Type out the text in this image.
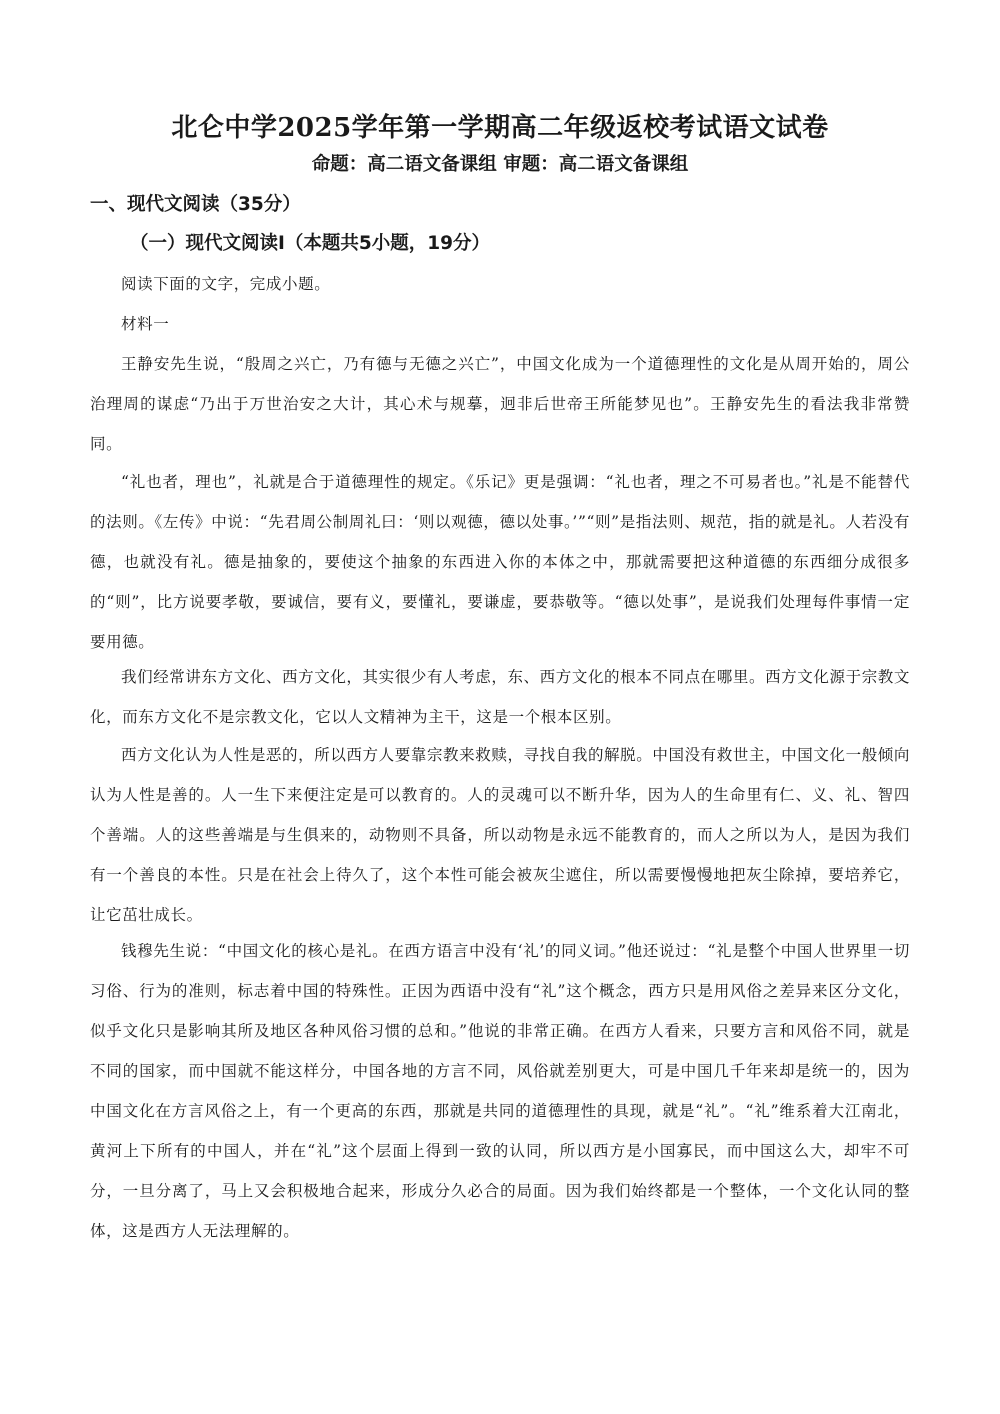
北仑中学2025学年第一学期高二年级返校考试语文试卷
命题：高二语文备课组 审题：高二语文备课组
一、现代文阅读（35分）
（一）现代文阅读Ⅰ（本题共5小题，19分）

阅读下面的文字，完成小题。

材料一

王静安先生说，“殷周之兴亡，乃有德与无德之兴亡”，中国文化成为一个道德理性的文化是从周开始的，周公治理周的谋虑“乃出于万世治安之大计，其心术与规摹，迥非后世帝王所能梦见也”。王静安先生的看法我非常赞同。

“礼也者，理也”，礼就是合于道德理性的规定。《乐记》更是强调：“礼也者，理之不可易者也。”礼是不能替代的法则。《左传》中说：“先君周公制周礼曰：‘则以观德，德以处事。’”“则”是指法则、规范，指的就是礼。人若没有德，也就没有礼。德是抽象的，要使这个抽象的东西进入你的本体之中，那就需要把这种道德的东西细分成很多的“则”，比方说要孝敬，要诚信，要有义，要懂礼，要谦虚，要恭敬等。“德以处事”，是说我们处理每件事情一定要用德。

我们经常讲东方文化、西方文化，其实很少有人考虑，东、西方文化的根本不同点在哪里。西方文化源于宗教文化，而东方文化不是宗教文化，它以人文精神为主干，这是一个根本区别。

西方文化认为人性是恶的，所以西方人要靠宗教来救赎，寻找自我的解脱。中国没有救世主，中国文化一般倾向认为人性是善的。人一生下来便注定是可以教育的。人的灵魂可以不断升华，因为人的生命里有仁、义、礼、智四个善端。人的这些善端是与生俱来的，动物则不具备，所以动物是永远不能教育的，而人之所以为人，是因为我们有一个善良的本性。只是在社会上待久了，这个本性可能会被灰尘遮住，所以需要慢慢地把灰尘除掉，要培养它，让它茁壮成长。

钱穆先生说：“中国文化的核心是礼。在西方语言中没有‘礼’的同义词。”他还说过：“礼是整个中国人世界里一切习俗、行为的准则，标志着中国的特殊性。正因为西语中没有“礼”这个概念，西方只是用风俗之差异来区分文化，似乎文化只是影响其所及地区各种风俗习惯的总和。”他说的非常正确。在西方人看来，只要方言和风俗不同，就是不同的国家，而中国就不能这样分，中国各地的方言不同，风俗就差别更大，可是中国几千年来却是统一的，因为中国文化在方言风俗之上，有一个更高的东西，那就是共同的道德理性的具现，就是“礼”。“礼”维系着大江南北，黄河上下所有的中国人，并在“礼”这个层面上得到一致的认同，所以西方是小国寡民，而中国这么大，却牢不可分，一旦分离了，马上又会积极地合起来，形成分久必合的局面。因为我们始终都是一个整体，一个文化认同的整体，这是西方人无法理解的。
